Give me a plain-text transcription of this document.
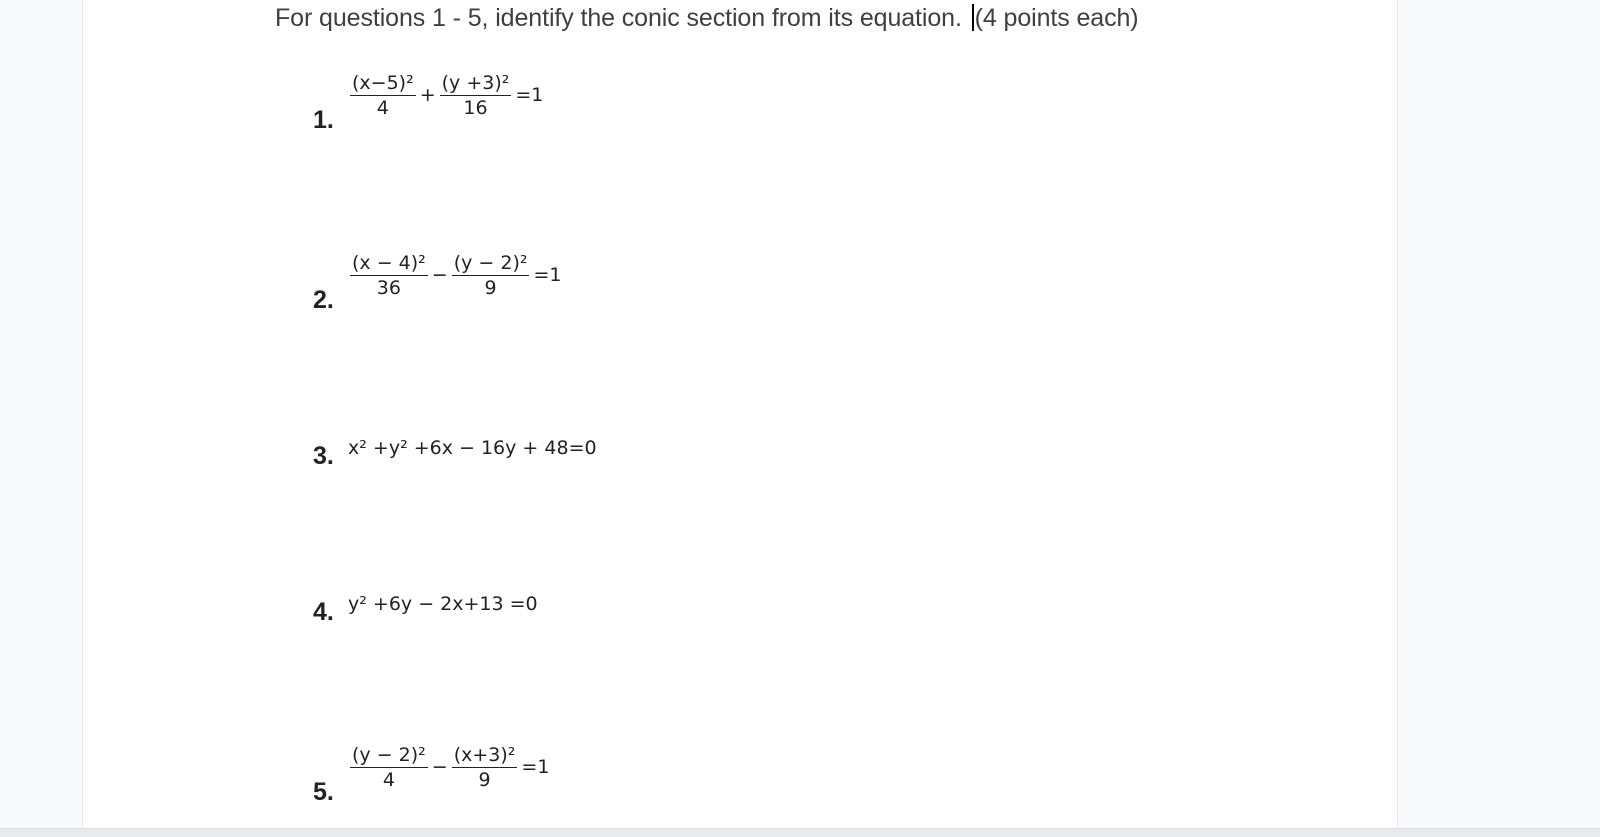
For questions 1 - 5, identify the conic section from its equation. (4 points each)
1.
$\frac{\text{(x−5)²}}{4} + \frac{\text{(y +3)²}}{16} =1$
2.
$\frac{\text{(x − 4)²}}{36} - \frac{\text{(y − 2)²}}{9} =1$
3. x² +y² +6x − 16y + 48=0
4. y² +6y − 2x+13 =0
5.
$\frac{\text{(y − 2)²}}{4} - \frac{\text{(x+3)²}}{9} =1$
